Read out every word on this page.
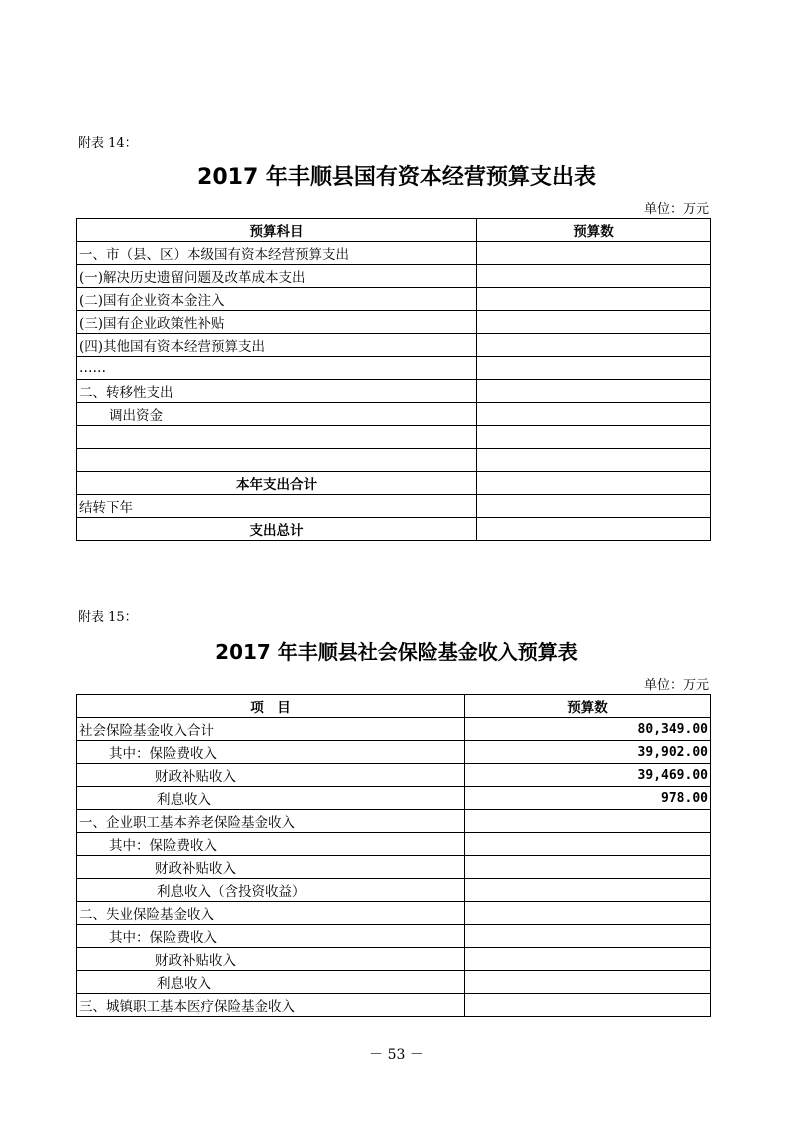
附表 14：
2017 年丰顺县国有资本经营预算支出表
单位：万元
预算科目	预算数
一、市（县、区）本级国有资本经营预算支出	
(一)解决历史遗留问题及改革成本支出	
(二)国有企业资本金注入	
(三)国有企业政策性补贴	
(四)其他国有资本经营预算支出	
……	
二、转移性支出	
调出资金	

本年支出合计	
结转下年	
支出总计	
附表 15：
2017 年丰顺县社会保险基金收入预算表
单位：万元
项　目	预算数
社会保险基金收入合计	80,349.00
其中：保险费收入	39,902.00
财政补贴收入	39,469.00
利息收入	978.00
一、企业职工基本养老保险基金收入	
其中：保险费收入	
财政补贴收入	
利息收入（含投资收益）	
二、失业保险基金收入	
其中：保险费收入	
财政补贴收入	
利息收入	
三、城镇职工基本医疗保险基金收入	
－ 53 －
